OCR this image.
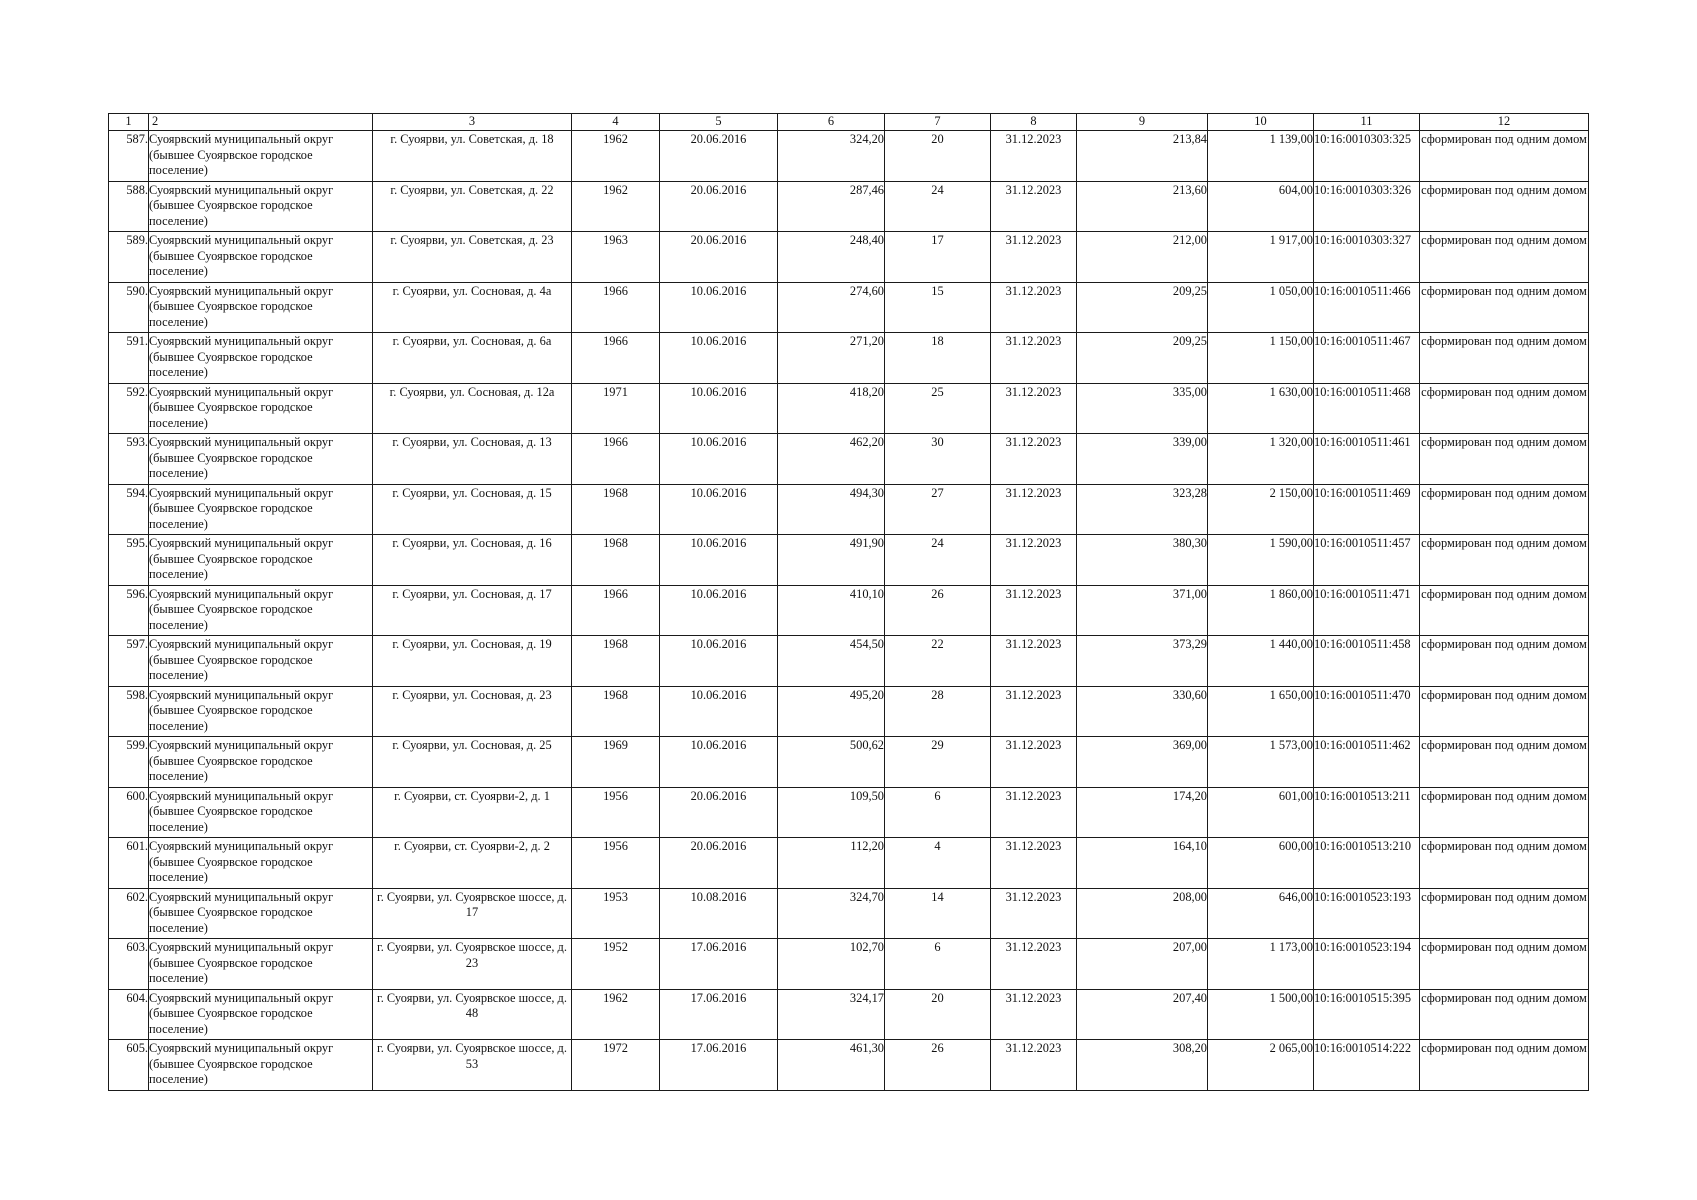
1	2	3	4	5	6	7	8	9	10	11	12
587.	Суоярвский муниципальный округ (бывшее Суоярвское городское поселение)	г. Суоярви, ул. Советская, д. 18	1962	20.06.2016	324,20	20	31.12.2023	213,84	1 139,00	10:16:0010303:325	сформирован под одним домом
588.	Суоярвский муниципальный округ (бывшее Суоярвское городское поселение)	г. Суоярви, ул. Советская, д. 22	1962	20.06.2016	287,46	24	31.12.2023	213,60	604,00	10:16:0010303:326	сформирован под одним домом
589.	Суоярвский муниципальный округ (бывшее Суоярвское городское поселение)	г. Суоярви, ул. Советская, д. 23	1963	20.06.2016	248,40	17	31.12.2023	212,00	1 917,00	10:16:0010303:327	сформирован под одним домом
590.	Суоярвский муниципальный округ (бывшее Суоярвское городское поселение)	г. Суоярви, ул. Сосновая, д. 4а	1966	10.06.2016	274,60	15	31.12.2023	209,25	1 050,00	10:16:0010511:466	сформирован под одним домом
591.	Суоярвский муниципальный округ (бывшее Суоярвское городское поселение)	г. Суоярви, ул. Сосновая, д. 6а	1966	10.06.2016	271,20	18	31.12.2023	209,25	1 150,00	10:16:0010511:467	сформирован под одним домом
592.	Суоярвский муниципальный округ (бывшее Суоярвское городское поселение)	г. Суоярви, ул. Сосновая, д. 12а	1971	10.06.2016	418,20	25	31.12.2023	335,00	1 630,00	10:16:0010511:468	сформирован под одним домом
593.	Суоярвский муниципальный округ (бывшее Суоярвское городское поселение)	г. Суоярви, ул. Сосновая, д. 13	1966	10.06.2016	462,20	30	31.12.2023	339,00	1 320,00	10:16:0010511:461	сформирован под одним домом
594.	Суоярвский муниципальный округ (бывшее Суоярвское городское поселение)	г. Суоярви, ул. Сосновая, д. 15	1968	10.06.2016	494,30	27	31.12.2023	323,28	2 150,00	10:16:0010511:469	сформирован под одним домом
595.	Суоярвский муниципальный округ (бывшее Суоярвское городское поселение)	г. Суоярви, ул. Сосновая, д. 16	1968	10.06.2016	491,90	24	31.12.2023	380,30	1 590,00	10:16:0010511:457	сформирован под одним домом
596.	Суоярвский муниципальный округ (бывшее Суоярвское городское поселение)	г. Суоярви, ул. Сосновая, д. 17	1966	10.06.2016	410,10	26	31.12.2023	371,00	1 860,00	10:16:0010511:471	сформирован под одним домом
597.	Суоярвский муниципальный округ (бывшее Суоярвское городское поселение)	г. Суоярви, ул. Сосновая, д. 19	1968	10.06.2016	454,50	22	31.12.2023	373,29	1 440,00	10:16:0010511:458	сформирован под одним домом
598.	Суоярвский муниципальный округ (бывшее Суоярвское городское поселение)	г. Суоярви, ул. Сосновая, д. 23	1968	10.06.2016	495,20	28	31.12.2023	330,60	1 650,00	10:16:0010511:470	сформирован под одним домом
599.	Суоярвский муниципальный округ (бывшее Суоярвское городское поселение)	г. Суоярви, ул. Сосновая, д. 25	1969	10.06.2016	500,62	29	31.12.2023	369,00	1 573,00	10:16:0010511:462	сформирован под одним домом
600.	Суоярвский муниципальный округ (бывшее Суоярвское городское поселение)	г. Суоярви, ст. Суоярви-2, д. 1	1956	20.06.2016	109,50	6	31.12.2023	174,20	601,00	10:16:0010513:211	сформирован под одним домом
601.	Суоярвский муниципальный округ (бывшее Суоярвское городское поселение)	г. Суоярви, ст. Суоярви-2, д. 2	1956	20.06.2016	112,20	4	31.12.2023	164,10	600,00	10:16:0010513:210	сформирован под одним домом
602.	Суоярвский муниципальный округ (бывшее Суоярвское городское поселение)	г. Суоярви, ул. Суоярвское шоссе, д. 17	1953	10.08.2016	324,70	14	31.12.2023	208,00	646,00	10:16:0010523:193	сформирован под одним домом
603.	Суоярвский муниципальный округ (бывшее Суоярвское городское поселение)	г. Суоярви, ул. Суоярвское шоссе, д. 23	1952	17.06.2016	102,70	6	31.12.2023	207,00	1 173,00	10:16:0010523:194	сформирован под одним домом
604.	Суоярвский муниципальный округ (бывшее Суоярвское городское поселение)	г. Суоярви, ул. Суоярвское шоссе, д. 48	1962	17.06.2016	324,17	20	31.12.2023	207,40	1 500,00	10:16:0010515:395	сформирован под одним домом
605.	Суоярвский муниципальный округ (бывшее Суоярвское городское поселение)	г. Суоярви, ул. Суоярвское шоссе, д. 53	1972	17.06.2016	461,30	26	31.12.2023	308,20	2 065,00	10:16:0010514:222	сформирован под одним домом
